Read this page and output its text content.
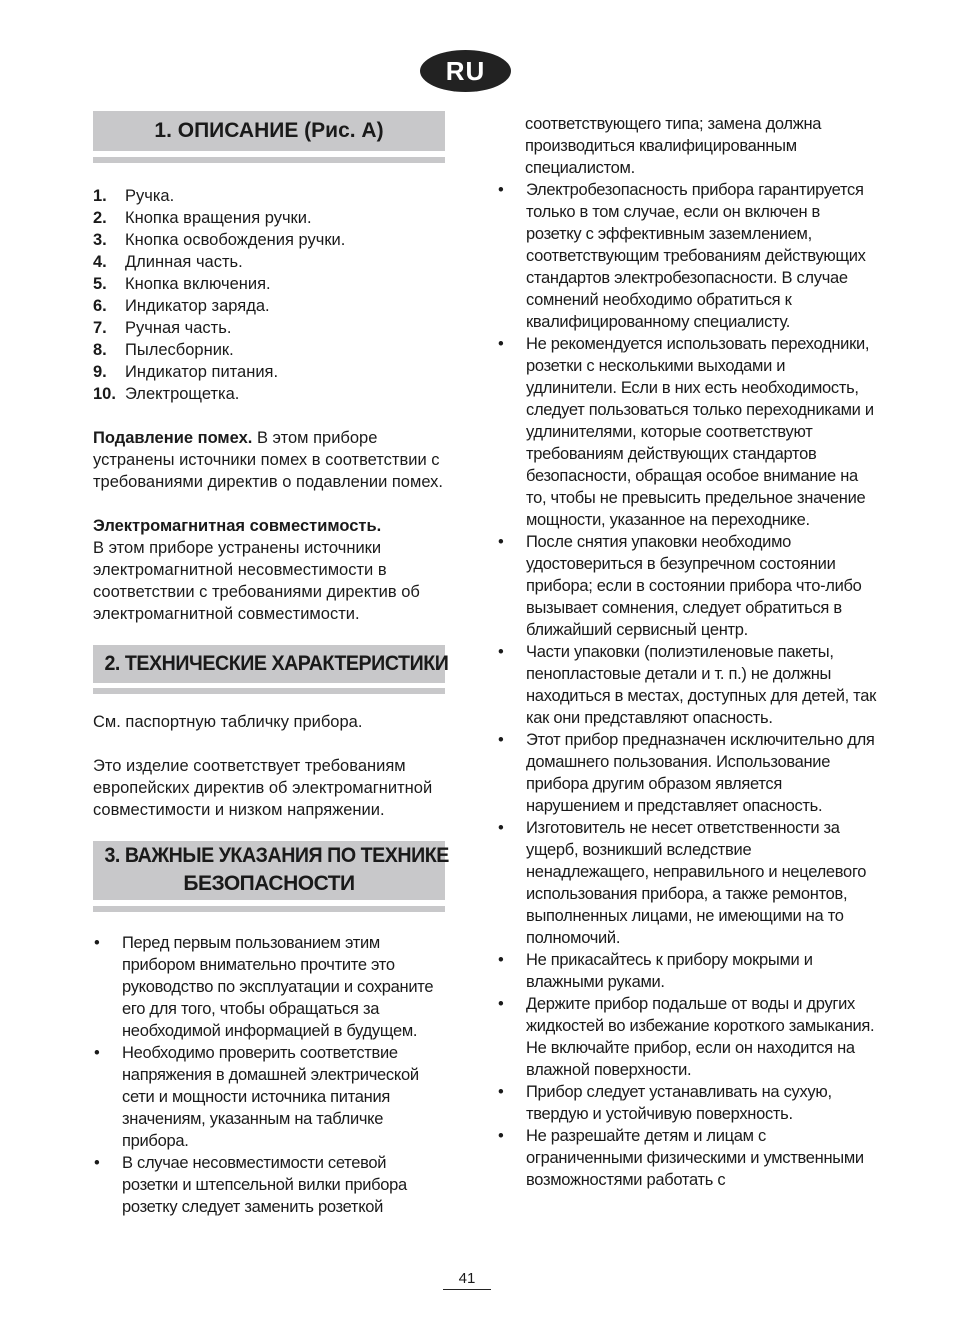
RU
1. ОПИСАНИЕ (Рис. А)
1.	Ручка.
2.	Кнопка вращения ручки.
3.	Кнопка освобождения ручки.
4.	Длинная часть.
5.	Кнопка включения.
6.	Индикатор заряда.
7.	Ручная часть.
8.	Пылесборник.
9.	Индикатор питания.
10. Электрощетка.

Подавление помех. В этом приборе устранены источники помех в соответствии с требованиями директив о подавлении помех.

Электромагнитная совместимость.
В этом приборе устранены источники электромагнитной несовместимости в соответствии с требованиями директив об электромагнитной совместимости.

2. ТЕХНИЧЕСКИЕ ХАРАКТЕРИСТИКИ

См. паспортную табличку прибора.

Это изделие соответствует требованиям европейских директив об электромагнитной совместимости и низком напряжении.

3. ВАЖНЫЕ УКАЗАНИЯ ПО ТЕХНИКЕ
БЕЗОПАСНОСТИ
•	Перед первым пользованием этим прибором внимательно прочтите это руководство по эксплуатации и сохраните его для того, чтобы обращаться за необходимой информацией в будущем.
•	Необходимо проверить соответствие напряжения в домашней электрической сети и мощности источника питания значениям, указанным на табличке прибора.
•	В случае несовместимости сетевой розетки и штепсельной вилки прибора розетку следует заменить розеткой
соответствующего типа; замена должна производиться квалифицированным специалистом.
•	Электробезопасность прибора гарантируется только в том случае, если он включен в розетку с эффективным заземлением, соответствующим требованиям действующих стандартов электробезопасности. В случае сомнений необходимо обратиться к квалифицированному специалисту.
•	Не рекомендуется использовать переходники, розетки с несколькими выходами и удлинители. Если в них есть необходимость, следует пользоваться только переходниками и удлинителями, которые соответствуют требованиям действующих стандартов безопасности, обращая особое внимание на то, чтобы не превысить предельное значение мощности, указанное на переходнике.
•	После снятия упаковки необходимо удостовериться в безупречном состоянии прибора; если в состоянии прибора что-либо вызывает сомнения, следует обратиться в ближайший сервисный центр.
•	Части упаковки (полиэтиленовые пакеты, пенопластовые детали и т. п.) не должны находиться в местах, доступных для детей, так как они представляют опасность.
•	Этот прибор предназначен исключительно для домашнего пользования. Использование прибора другим образом является нарушением и представляет опасность.
•	Изготовитель не несет ответственности за ущерб, возникший вследствие ненадлежащего, неправильного и нецелевого использования прибора, а также ремонтов, выполненных лицами, не имеющими на то полномочий.
•	Не прикасайтесь к прибору мокрыми и влажными руками.
•	Держите прибор подальше от воды и других жидкостей во избежание короткого замыкания. Не включайте прибор, если он находится на влажной поверхности.
•	Прибор следует устанавливать на сухую, твердую и устойчивую поверхность.
•	Не разрешайте детям и лицам с ограниченными физическими и умственными возможностями работать с
41
